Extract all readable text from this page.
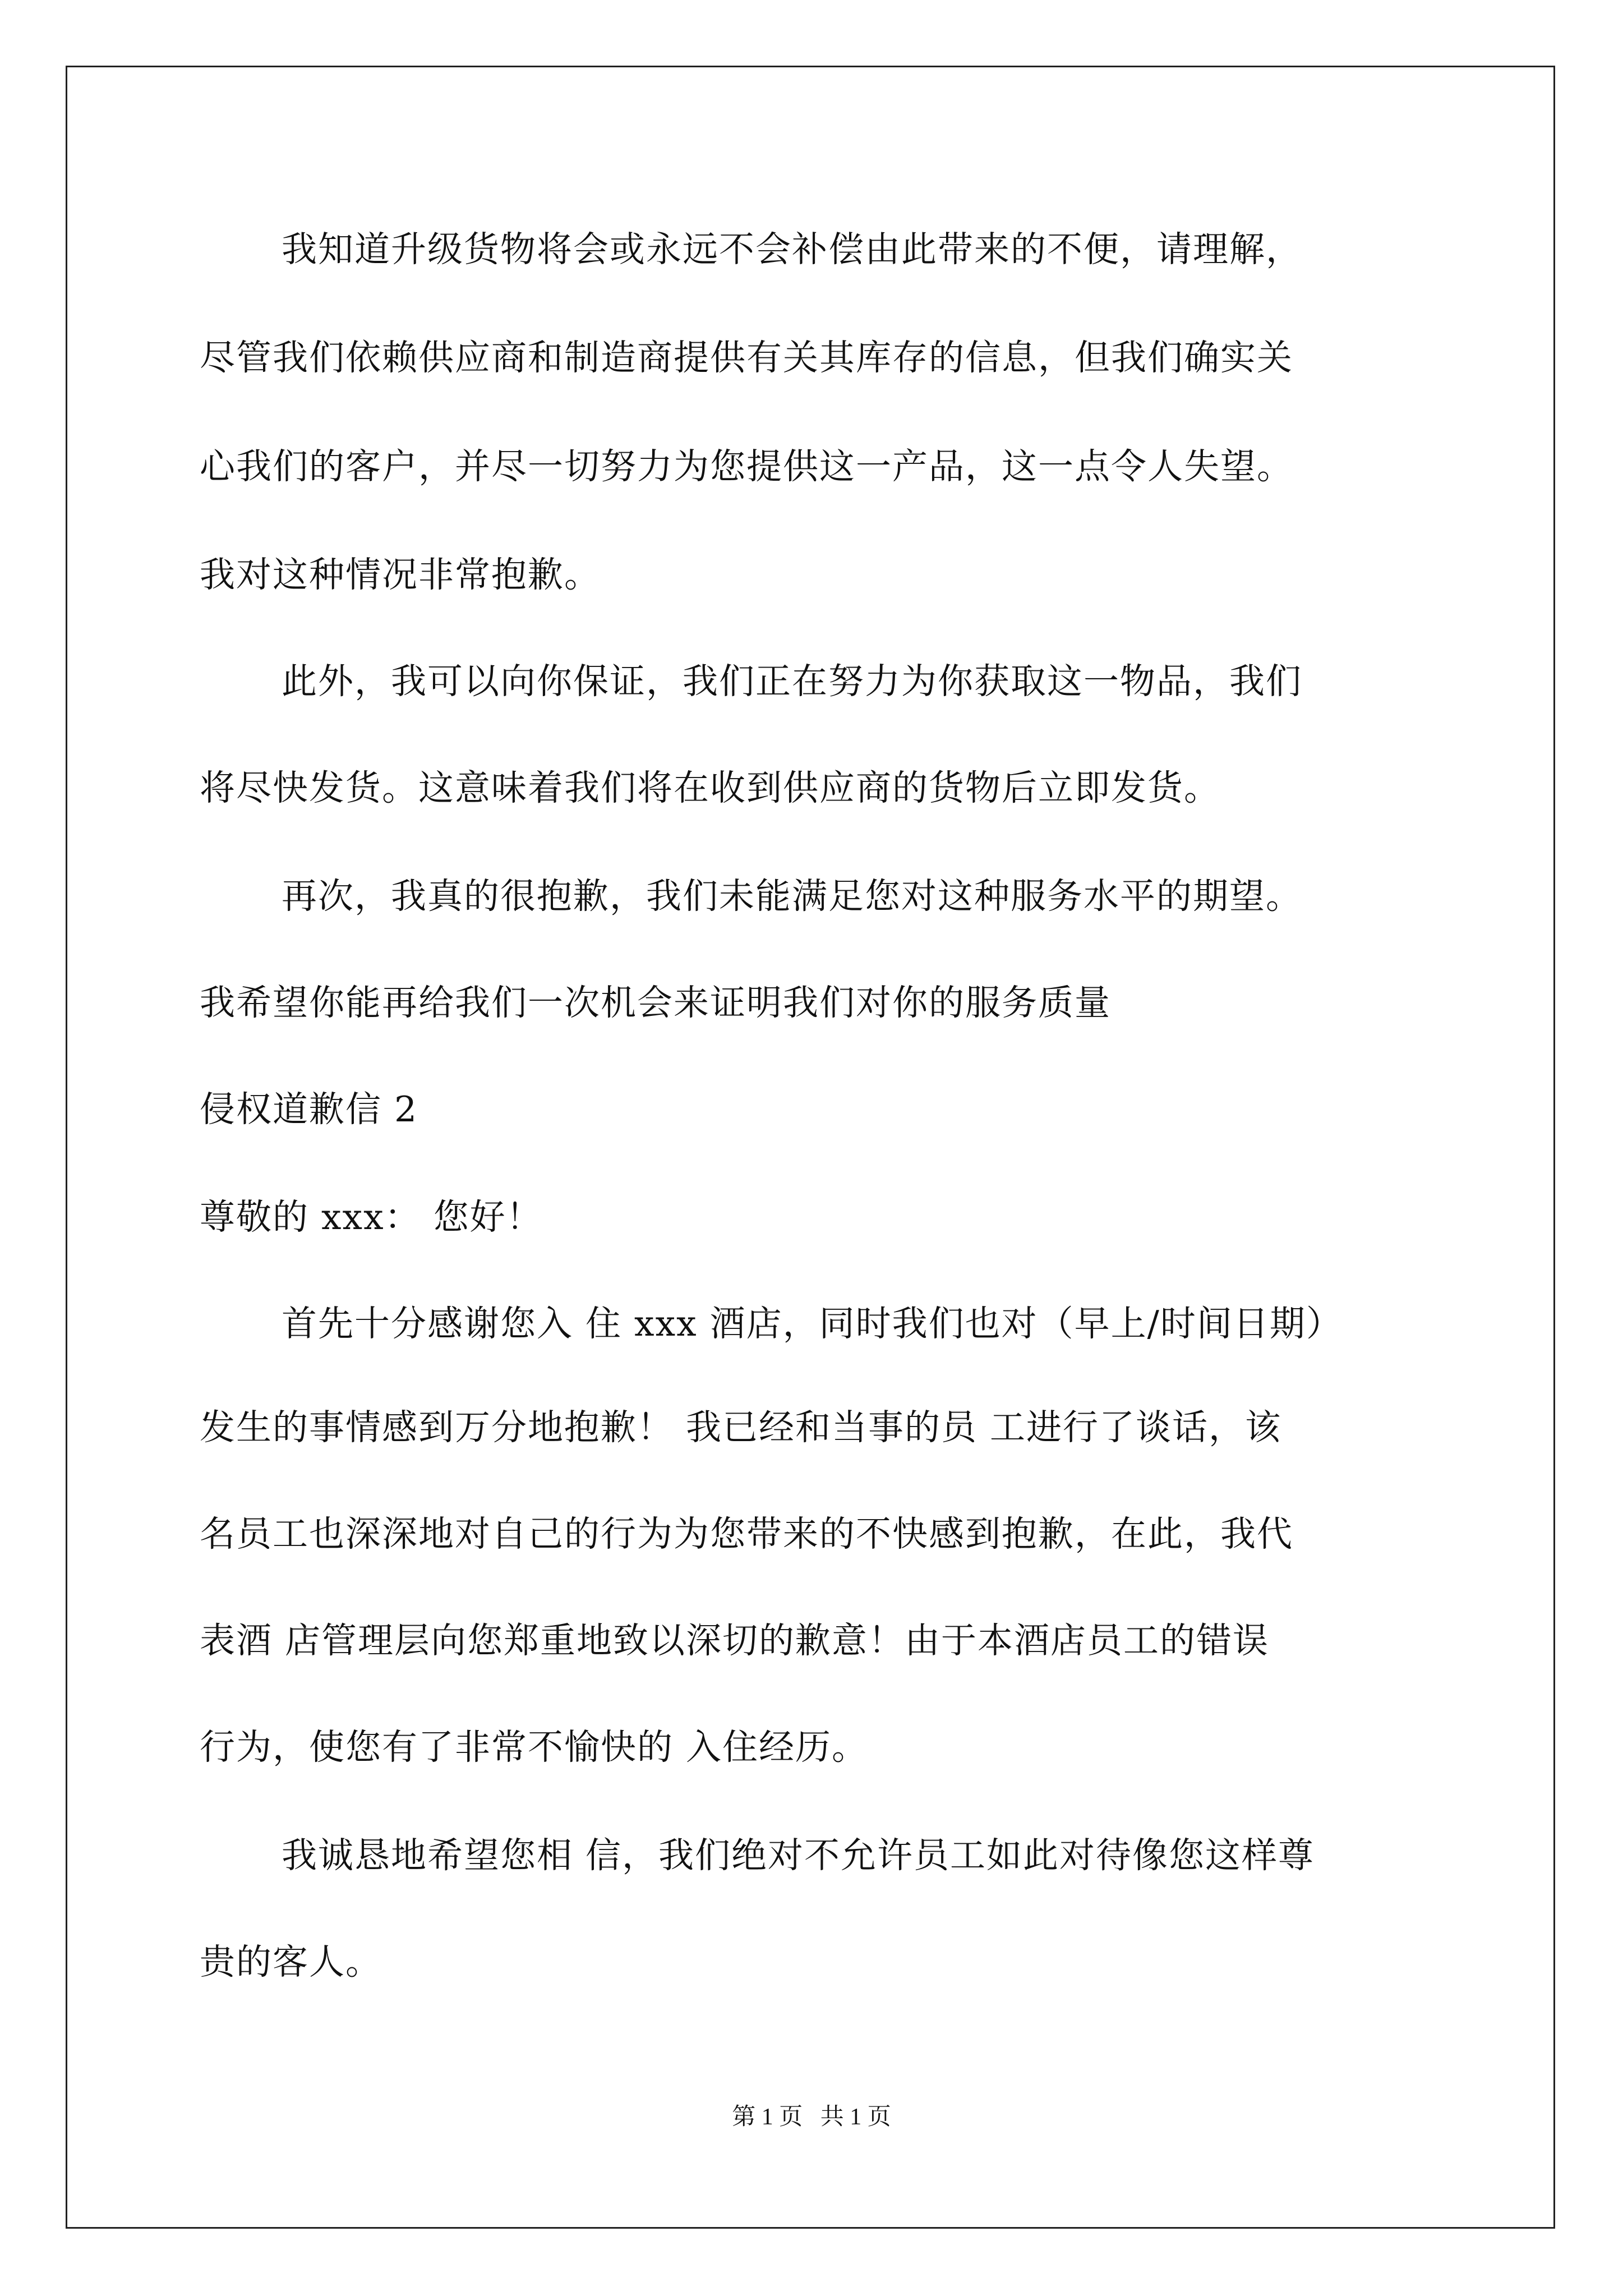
我知道升级货物将会或永远不会补偿由此带来的不便，请理解，
尽管我们依赖供应商和制造商提供有关其库存的信息，但我们确实关
心我们的客户，并尽一切努力为您提供这一产品，这一点令人失望。
我对这种情况非常抱歉。
此外，我可以向你保证，我们正在努力为你获取这一物品，我们
将尽快发货。这意味着我们将在收到供应商的货物后立即发货。
再次，我真的很抱歉，我们未能满足您对这种服务水平的期望。
我希望你能再给我们一次机会来证明我们对你的服务质量
侵权道歉信 2
尊敬的 xxx： 您好！
首先十分感谢您入 住 xxx 酒店，同时我们也对（早上/时间日期）
发生的事情感到万分地抱歉！ 我已经和当事的员 工进行了谈话，该
名员工也深深地对自己的行为为您带来的不快感到抱歉，在此，我代
表酒 店管理层向您郑重地致以深切的歉意！由于本酒店员工的错误
行为，使您有了非常不愉快的 入住经历。
我诚恳地希望您相 信，我们绝对不允许员工如此对待像您这样尊
贵的客人。
第 1 页   共 1 页
